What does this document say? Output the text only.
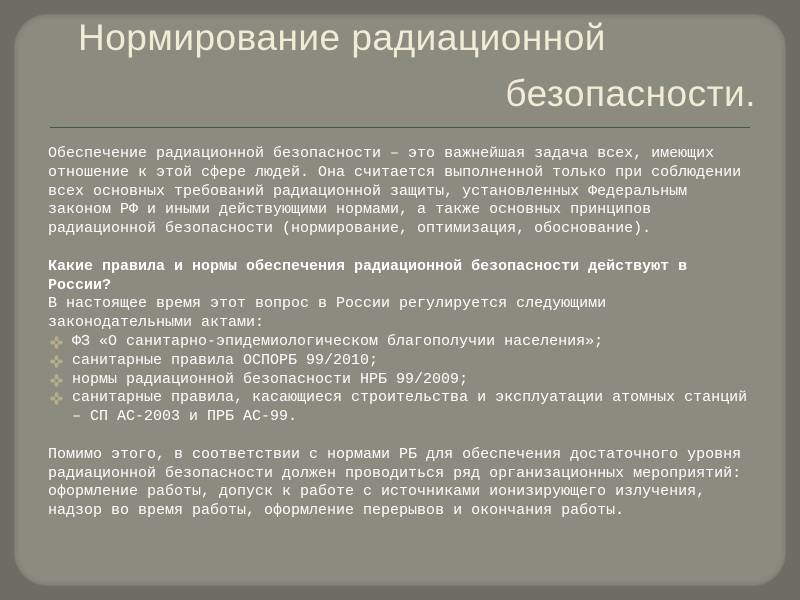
Нормирование радиационной
безопасности.

Обеспечение радиационной безопасности – это важнейшая задача всех, имеющих отношение к этой сфере людей. Она считается выполненной только при соблюдении всех основных требований радиационной защиты, установленных Федеральным законом РФ и иными действующими нормами, а также основных принципов радиационной безопасности (нормирование, оптимизация, обоснование).

Какие правила и нормы обеспечения радиационной безопасности действуют в России?

В настоящее время этот вопрос в России регулируется следующими законодательными актами:

ФЗ «О санитарно-эпидемиологическом благополучии населения»;
санитарные правила ОСПОРБ 99/2010;
нормы радиационной безопасности НРБ 99/2009;
санитарные правила, касающиеся строительства и эксплуатации атомных станций – СП АС-2003 и ПРБ АС-99.

Помимо этого, в соответствии с нормами РБ для обеспечения достаточного уровня радиационной безопасности должен проводиться ряд организационных мероприятий: оформление работы, допуск к работе с источниками ионизирующего излучения, надзор во время работы, оформление перерывов и окончания работы.
